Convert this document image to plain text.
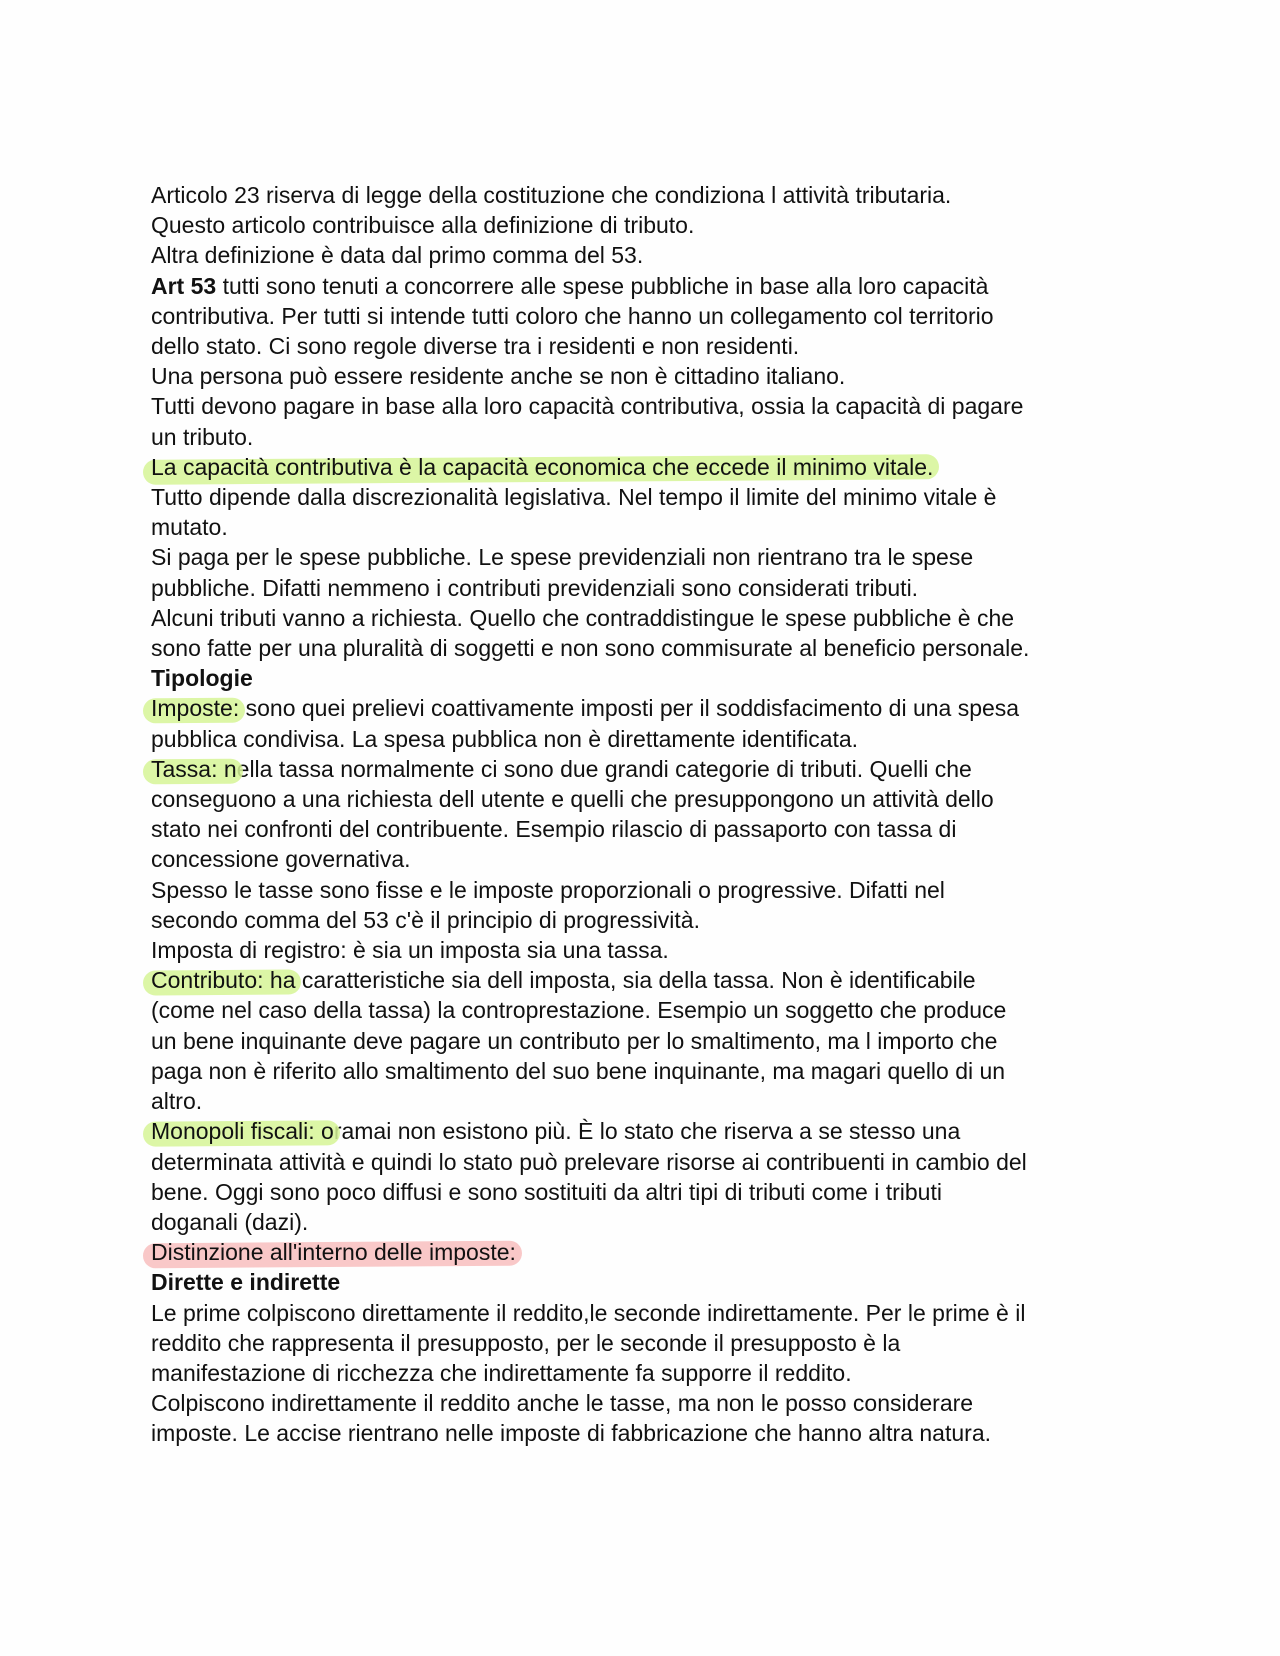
Articolo 23 riserva di legge della costituzione che condiziona l attività tributaria.
Questo articolo contribuisce alla definizione di tributo.
Altra definizione è data dal primo comma del 53.
Art 53 tutti sono tenuti a concorrere alle spese pubbliche in base alla loro capacità
contributiva. Per tutti si intende tutti coloro che hanno un collegamento col territorio
dello stato. Ci sono regole diverse tra i residenti e non residenti.
Una persona può essere residente anche se non è cittadino italiano.
Tutti devono pagare in base alla loro capacità contributiva, ossia la capacità di pagare
un tributo.
La capacità contributiva è la capacità economica che eccede il minimo vitale.
Tutto dipende dalla discrezionalità legislativa. Nel tempo il limite del minimo vitale è
mutato.
Si paga per le spese pubbliche. Le spese previdenziali non rientrano tra le spese
pubbliche. Difatti nemmeno i contributi previdenziali sono considerati tributi.
Alcuni tributi vanno a richiesta. Quello che contraddistingue le spese pubbliche è che
sono fatte per una pluralità di soggetti e non sono commisurate al beneficio personale.
Tipologie
Imposte: sono quei prelievi coattivamente imposti per il soddisfacimento di una spesa
pubblica condivisa. La spesa pubblica non è direttamente identificata.
Tassa: nella tassa normalmente ci sono due grandi categorie di tributi. Quelli che
conseguono a una richiesta dell utente e quelli che presuppongono un attività dello
stato nei confronti del contribuente. Esempio rilascio di passaporto con tassa di
concessione governativa.
Spesso le tasse sono fisse e le imposte proporzionali o progressive. Difatti nel
secondo comma del 53 c'è il principio di progressività.
Imposta di registro: è sia un imposta sia una tassa.
Contributo: ha caratteristiche sia dell imposta, sia della tassa. Non è identificabile
(come nel caso della tassa) la controprestazione. Esempio un soggetto che produce
un bene inquinante deve pagare un contributo per lo smaltimento, ma l importo che
paga non è riferito allo smaltimento del suo bene inquinante, ma magari quello di un
altro.
Monopoli fiscali: oramai non esistono più. È lo stato che riserva a se stesso una
determinata attività e quindi lo stato può prelevare risorse ai contribuenti in cambio del
bene. Oggi sono poco diffusi e sono sostituiti da altri tipi di tributi come i tributi
doganali (dazi).
Distinzione all'interno delle imposte:
Dirette e indirette
Le prime colpiscono direttamente il reddito,le seconde indirettamente. Per le prime è il
reddito che rappresenta il presupposto, per le seconde il presupposto è la
manifestazione di ricchezza che indirettamente fa supporre il reddito.
Colpiscono indirettamente il reddito anche le tasse, ma non le posso considerare
imposte. Le accise rientrano nelle imposte di fabbricazione che hanno altra natura.
